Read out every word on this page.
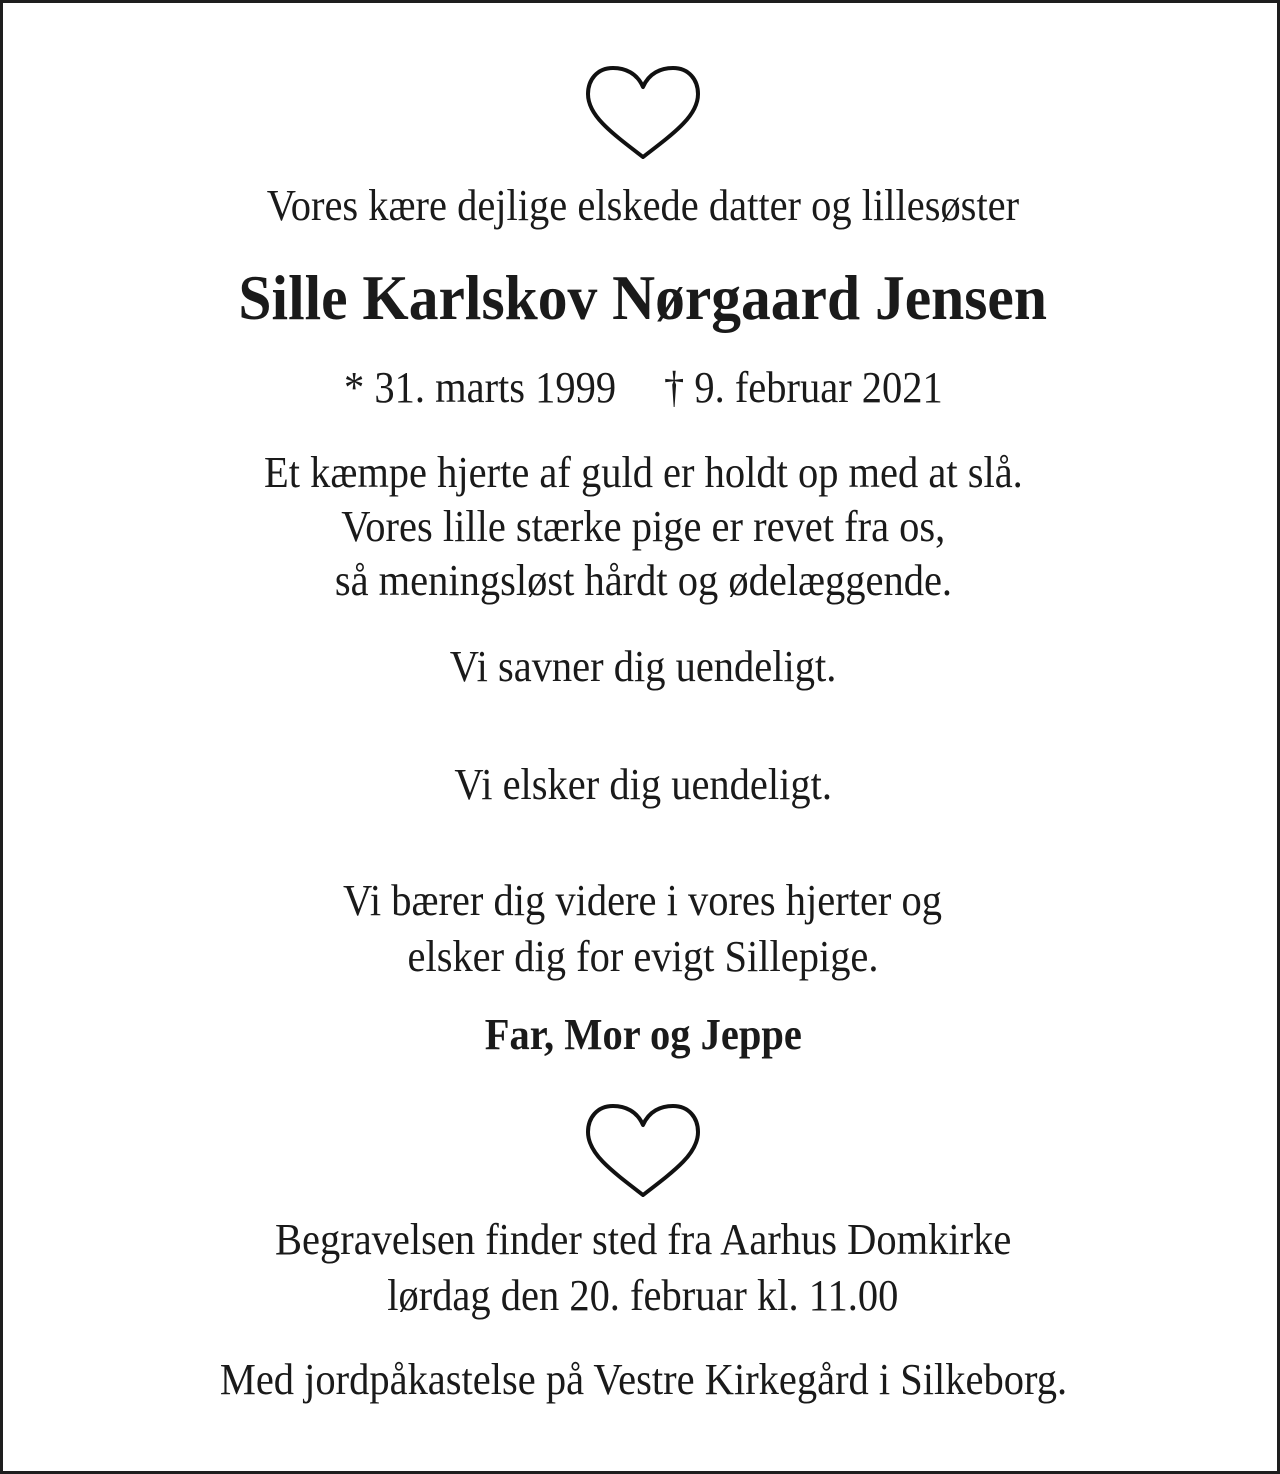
Vores kære dejlige elskede datter og lillesøster
Sille Karlskov Nørgaard Jensen
* 31. marts 1999 † 9. februar 2021
Et kæmpe hjerte af guld er holdt op med at slå.
Vores lille stærke pige er revet fra os,
så meningsløst hårdt og ødelæggende.
Vi savner dig uendeligt.
Vi elsker dig uendeligt.
Vi bærer dig videre i vores hjerter og
elsker dig for evigt Sillepige.
Far, Mor og Jeppe
Begravelsen finder sted fra Aarhus Domkirke
lørdag den 20. februar kl. 11.00
Med jordpåkastelse på Vestre Kirkegård i Silkeborg.
